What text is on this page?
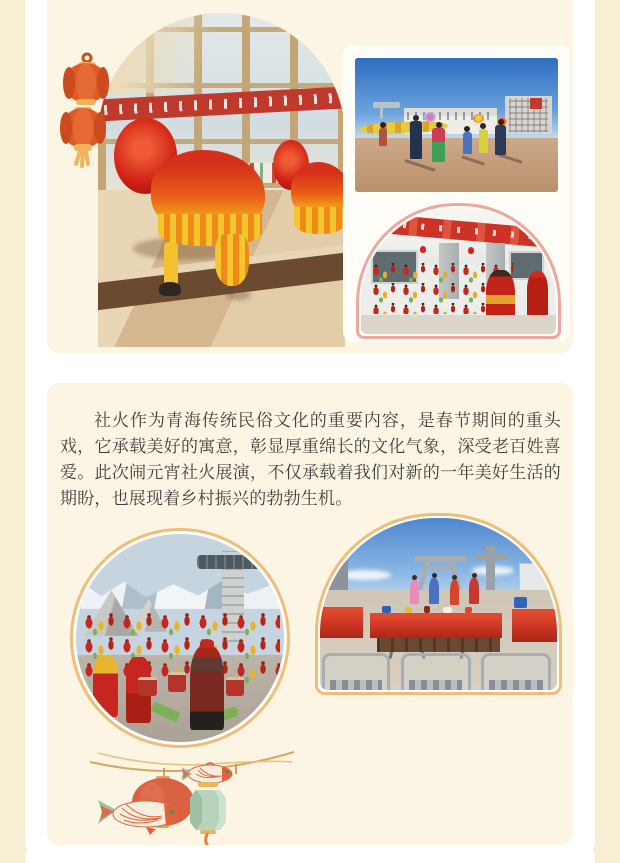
社火作为青海传统民俗文化的重要内容，是春节期间的重头戏，它承载美好的寓意，彰显厚重绵长的文化气象，深受老百姓喜爱。此次闹元宵社火展演，不仅承载着我们对新的一年美好生活的期盼，也展现着乡村振兴的勃勃生机。
